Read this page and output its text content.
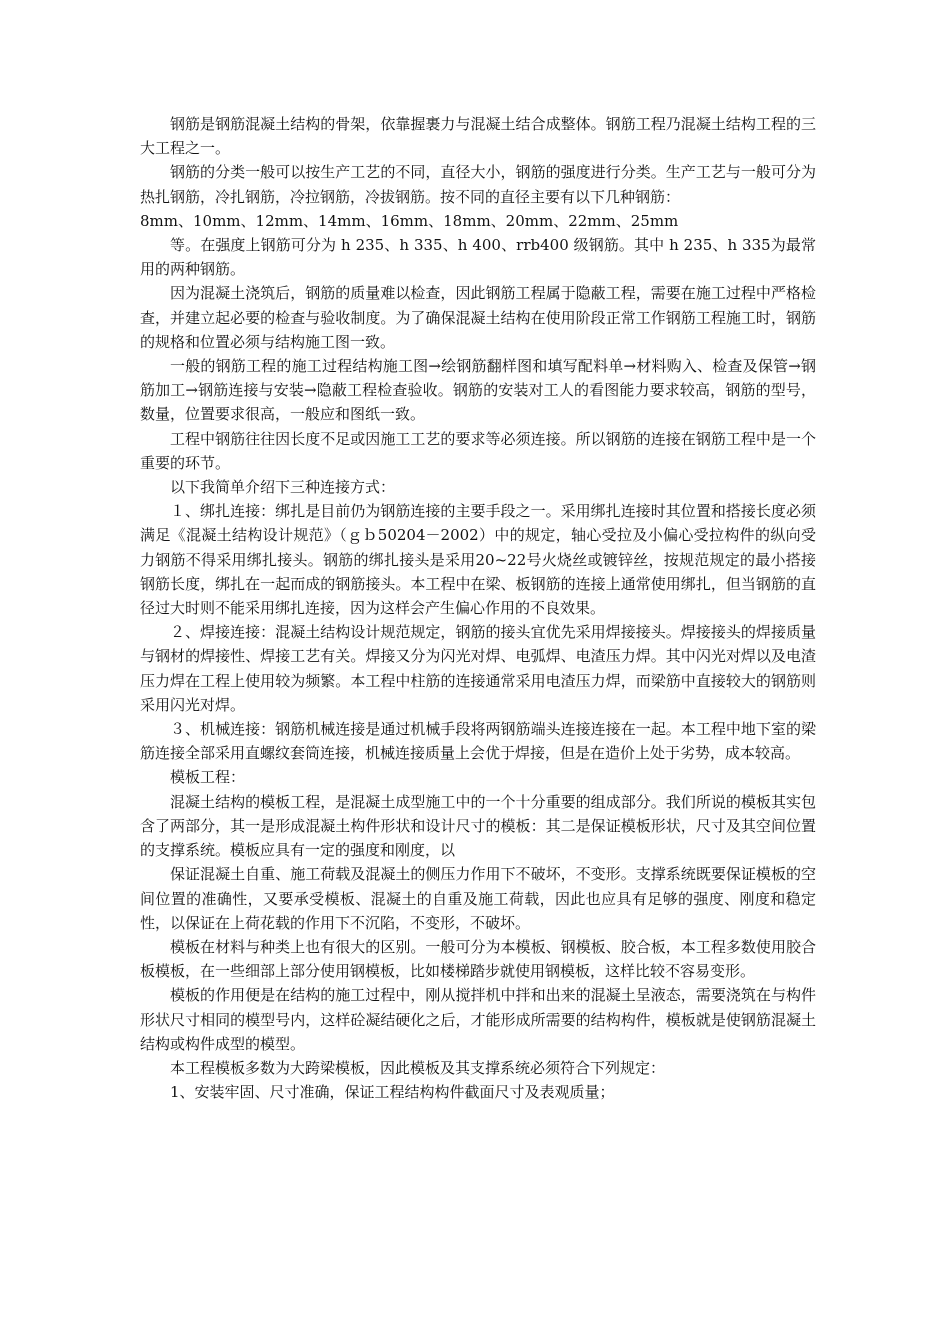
钢筋是钢筋混凝土结构的骨架，依靠握裹力与混凝土结合成整体。钢筋工程乃混凝土结构工程的三大工程之一。

钢筋的分类一般可以按生产工艺的不同，直径大小，钢筋的强度进行分类。生产工艺与一般可分为热扎钢筋，冷扎钢筋，冷拉钢筋，冷拔钢筋。按不同的直径主要有以下几种钢筋：

8mm、10mm、12mm、14mm、16mm、18mm、20mm、22mm、25mm

等。在强度上钢筋可分为 h 235、h 335、h 400、rrb400 级钢筋。其中 h 235、h 335为最常用的两种钢筋。

因为混凝土浇筑后，钢筋的质量难以检查，因此钢筋工程属于隐蔽工程，需要在施工过程中严格检查，并建立起必要的检查与验收制度。为了确保混凝土结构在使用阶段正常工作钢筋工程施工时，钢筋的规格和位置必须与结构施工图一致。

一般的钢筋工程的施工过程结构施工图→绘钢筋翻样图和填写配料单→材料购入、检查及保管→钢筋加工→钢筋连接与安装→隐蔽工程检查验收。钢筋的安装对工人的看图能力要求较高，钢筋的型号，数量，位置要求很高，一般应和图纸一致。

工程中钢筋往往因长度不足或因施工工艺的要求等必须连接。所以钢筋的连接在钢筋工程中是一个重要的环节。

以下我简单介绍下三种连接方式：

１、绑扎连接：绑扎是目前仍为钢筋连接的主要手段之一。采用绑扎连接时其位置和搭接长度必须满足《混凝土结构设计规范》（ｇｂ50204－2002）中的规定，轴心受拉及小偏心受拉构件的纵向受力钢筋不得采用绑扎接头。钢筋的绑扎接头是采用20~22号火烧丝或镀锌丝，按规范规定的最小搭接钢筋长度，绑扎在一起而成的钢筋接头。本工程中在梁、板钢筋的连接上通常使用绑扎，但当钢筋的直径过大时则不能采用绑扎连接，因为这样会产生偏心作用的不良效果。

２、焊接连接：混凝土结构设计规范规定，钢筋的接头宜优先采用焊接接头。焊接接头的焊接质量与钢材的焊接性、焊接工艺有关。焊接又分为闪光对焊、电弧焊、电渣压力焊。其中闪光对焊以及电渣压力焊在工程上使用较为频繁。本工程中柱筋的连接通常采用电渣压力焊，而梁筋中直接较大的钢筋则采用闪光对焊。

３、机械连接：钢筋机械连接是通过机械手段将两钢筋端头连接连接在一起。本工程中地下室的梁筋连接全部采用直螺纹套筒连接，机械连接质量上会优于焊接，但是在造价上处于劣势，成本较高。

模板工程：

混凝土结构的模板工程，是混凝土成型施工中的一个十分重要的组成部分。我们所说的模板其实包含了两部分，其一是形成混凝土构件形状和设计尺寸的模板：其二是保证模板形状，尺寸及其空间位置的支撑系统。模板应具有一定的强度和刚度，以

保证混凝土自重、施工荷载及混凝土的侧压力作用下不破坏，不变形。支撑系统既要保证模板的空间位置的准确性，又要承受模板、混凝土的自重及施工荷载，因此也应具有足够的强度、刚度和稳定性，以保证在上荷花载的作用下不沉陷，不变形，不破坏。

模板在材料与种类上也有很大的区别。一般可分为本模板、钢模板、胶合板，本工程多数使用胶合板模板，在一些细部上部分使用钢模板，比如楼梯踏步就使用钢模板，这样比较不容易变形。

模板的作用便是在结构的施工过程中，刚从搅拌机中拌和出来的混凝土呈液态，需要浇筑在与构件形状尺寸相同的模型号内，这样砼凝结硬化之后，才能形成所需要的结构构件，模板就是使钢筋混凝土结构或构件成型的模型。

本工程模板多数为大跨梁模板，因此模板及其支撑系统必须符合下列规定：

1、安装牢固、尺寸准确，保证工程结构构件截面尺寸及表观质量；
